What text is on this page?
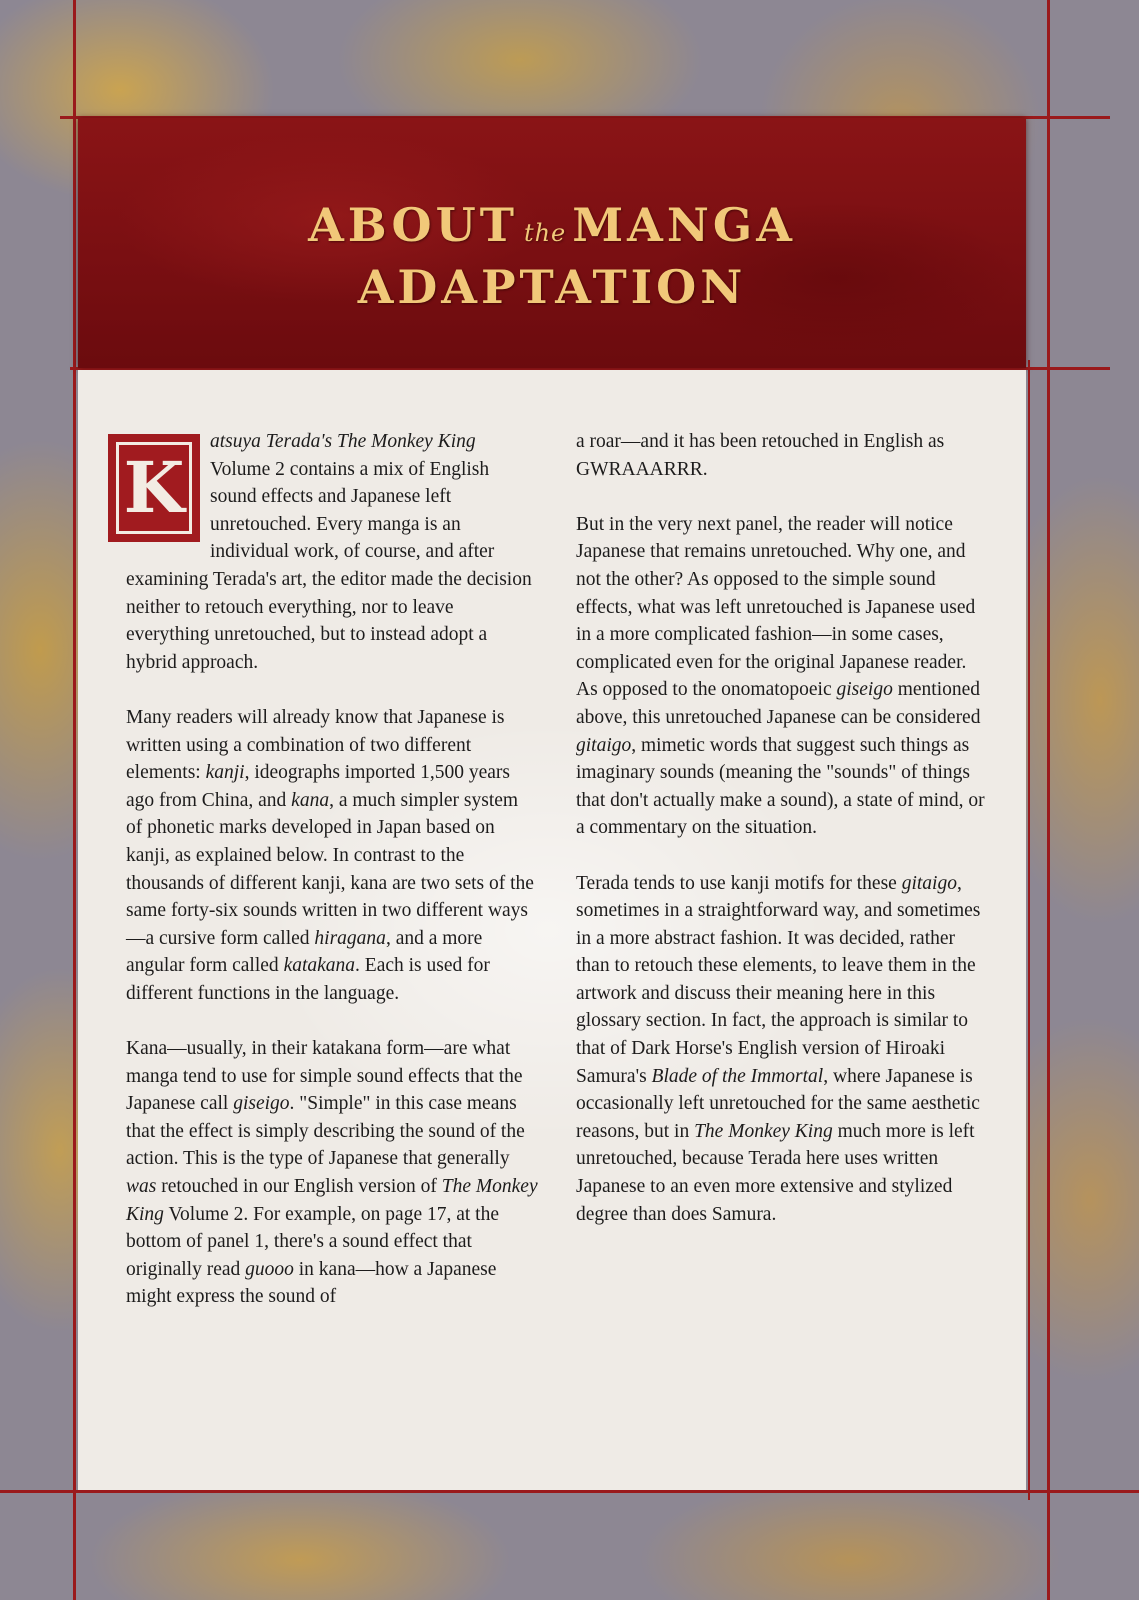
ABOUT the MANGA
ADAPTATION

K
atsuya Terada's The Monkey King Volume 2 contains a mix of English sound effects and Japanese left unretouched. Every manga is an individual work, of course, and after examining Terada's art, the editor made the decision neither to retouch everything, nor to leave everything unretouched, but to instead adopt a hybrid approach.

Many readers will already know that Japanese is written using a combination of two different elements: kanji, ideographs imported 1,500 years ago from China, and kana, a much simpler system of phonetic marks developed in Japan based on kanji, as explained below. In contrast to the thousands of different kanji, kana are two sets of the same forty-six sounds written in two different ways—a cursive form called hiragana, and a more angular form called katakana. Each is used for different functions in the language.

Kana—usually, in their katakana form—are what manga tend to use for simple sound effects that the Japanese call giseigo. "Simple" in this case means that the effect is simply describing the sound of the action. This is the type of Japanese that generally was retouched in our English version of The Monkey King Volume 2. For example, on page 17, at the bottom of panel 1, there's a sound effect that originally read guooo in kana—how a Japanese might express the sound of

a roar—and it has been retouched in English as GWRAAARRR.

But in the very next panel, the reader will notice Japanese that remains unretouched. Why one, and not the other? As opposed to the simple sound effects, what was left unretouched is Japanese used in a more complicated fashion—in some cases, complicated even for the original Japanese reader. As opposed to the onomatopoeic giseigo mentioned above, this unretouched Japanese can be considered gitaigo, mimetic words that suggest such things as imaginary sounds (meaning the "sounds" of things that don't actually make a sound), a state of mind, or a commentary on the situation.

Terada tends to use kanji motifs for these gitaigo, sometimes in a straightforward way, and sometimes in a more abstract fashion. It was decided, rather than to retouch these elements, to leave them in the artwork and discuss their meaning here in this glossary section. In fact, the approach is similar to that of Dark Horse's English version of Hiroaki Samura's Blade of the Immortal, where Japanese is occasionally left unretouched for the same aesthetic reasons, but in The Monkey King much more is left unretouched, because Terada here uses written Japanese to an even more extensive and stylized degree than does Samura.
